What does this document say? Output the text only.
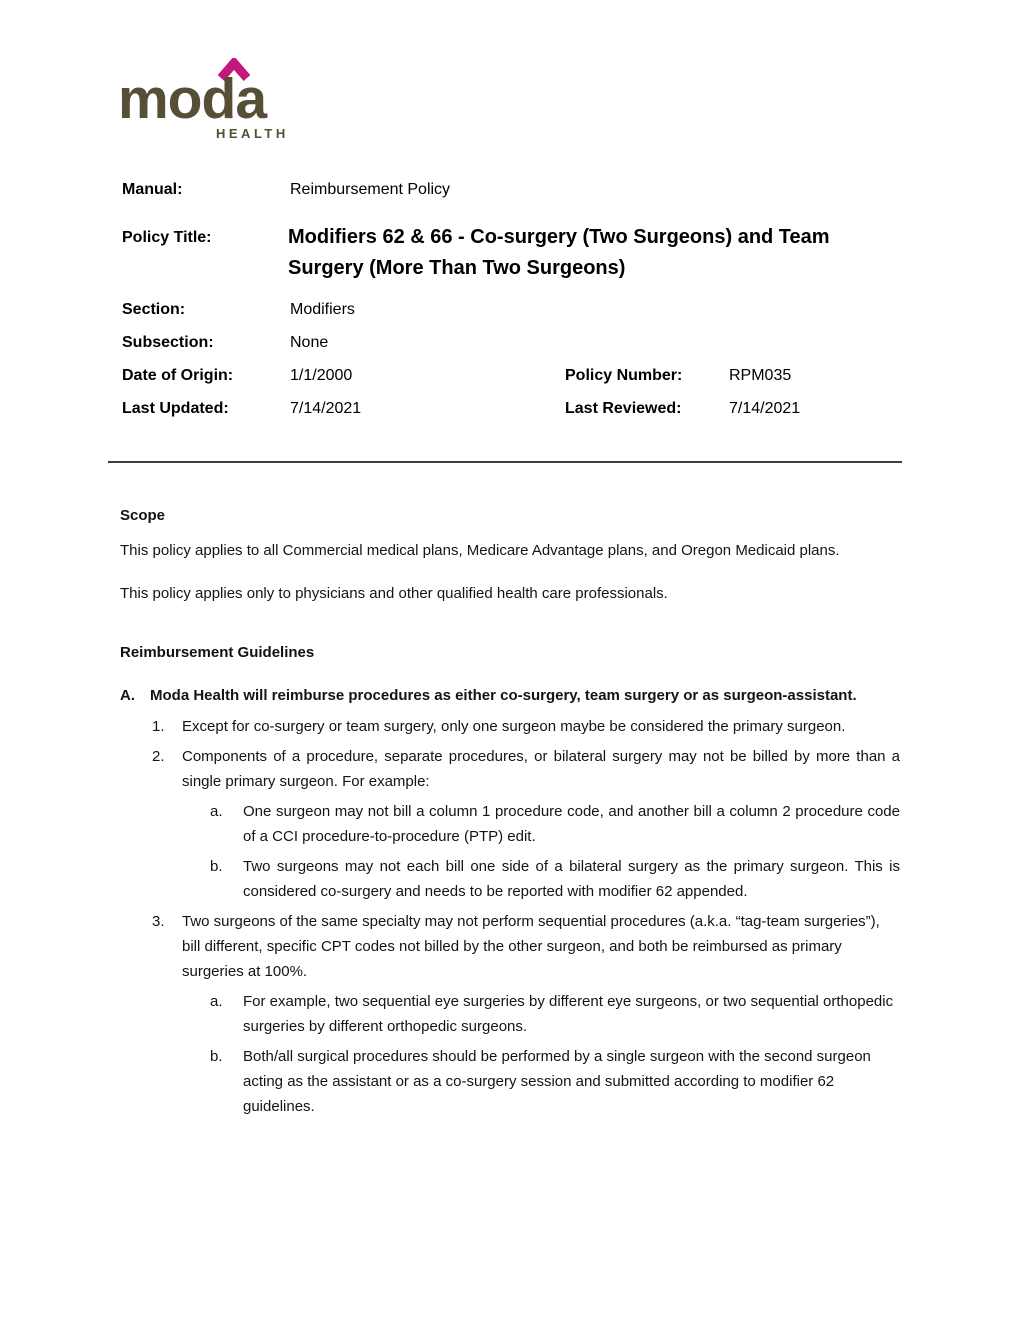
moda
HEALTH
Manual:	Reimbursement Policy
Policy Title:	Modifiers 62 & 66 - Co-surgery (Two Surgeons) and Team Surgery (More Than Two Surgeons)
Section:	Modifiers
Subsection:	None
Date of Origin:	1/1/2000	Policy Number:	RPM035
Last Updated:	7/14/2021	Last Reviewed:	7/14/2021
Scope

This policy applies to all Commercial medical plans, Medicare Advantage plans, and Oregon Medicaid plans.

This policy applies only to physicians and other qualified health care professionals.

Reimbursement Guidelines
A.	Moda Health will reimburse procedures as either co-surgery, team surgery or as surgeon-assistant.
1.	Except for co-surgery or team surgery, only one surgeon maybe be considered the primary surgeon.
2.	Components of a procedure, separate procedures, or bilateral surgery may not be billed by more than a single primary surgeon. For example:
a.	One surgeon may not bill a column 1 procedure code, and another bill a column 2 procedure code of a CCI procedure-to-procedure (PTP) edit.
b.	Two surgeons may not each bill one side of a bilateral surgery as the primary surgeon. This is considered co-surgery and needs to be reported with modifier 62 appended.
3.	Two surgeons of the same specialty may not perform sequential procedures (a.k.a. “tag-team surgeries”), bill different, specific CPT codes not billed by the other surgeon, and both be reimbursed as primary surgeries at 100%.
a.	For example, two sequential eye surgeries by different eye surgeons, or two sequential orthopedic surgeries by different orthopedic surgeons.
b.	Both/all surgical procedures should be performed by a single surgeon with the second surgeon acting as the assistant or as a co-surgery session and submitted according to modifier 62 guidelines.
